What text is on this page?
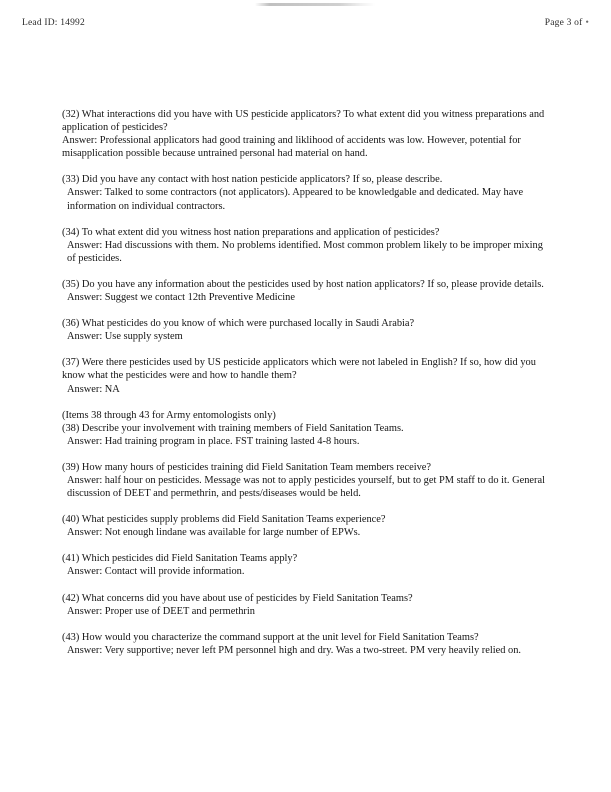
Lead ID: 14992	Page 3 of •

(32) What interactions did you have with US pesticide applicators? To what extent did you witness preparations and application of pesticides?

Answer: Professional applicators had good training and liklihood of accidents was low. However, potential for misapplication possible because untrained personal had material on hand.

(33) Did you have any contact with host nation pesticide applicators? If so, please describe.

Answer: Talked to some contractors (not applicators). Appeared to be knowledgable and dedicated. May have information on individual contractors.

(34) To what extent did you witness host nation preparations and application of pesticides?

Answer: Had discussions with them. No problems identified. Most common problem likely to be improper mixing of pesticides.

(35) Do you have any information about the pesticides used by host nation applicators? If so, please provide details.

Answer: Suggest we contact 12th Preventive Medicine

(36) What pesticides do you know of which were purchased locally in Saudi Arabia?

Answer: Use supply system

(37) Were there pesticides used by US pesticide applicators which were not labeled in English? If so, how did you know what the pesticides were and how to handle them?

Answer: NA

(Items 38 through 43 for Army entomologists only)

(38) Describe your involvement with training members of Field Sanitation Teams.

Answer: Had training program in place. FST training lasted 4-8 hours.

(39) How many hours of pesticides training did Field Sanitation Team members receive?

Answer: half hour on pesticides. Message was not to apply pesticides yourself, but to get PM staff to do it. General discussion of DEET and permethrin, and pests/diseases would be held.

(40) What pesticides supply problems did Field Sanitation Teams experience?

Answer: Not enough lindane was available for large number of EPWs.

(41) Which pesticides did Field Sanitation Teams apply?

Answer: Contact will provide information.

(42) What concerns did you have about use of pesticides by Field Sanitation Teams?

Answer: Proper use of DEET and permethrin

(43) How would you characterize the command support at the unit level for Field Sanitation Teams?

Answer: Very supportive; never left PM personnel high and dry. Was a two-street. PM very heavily relied on.
